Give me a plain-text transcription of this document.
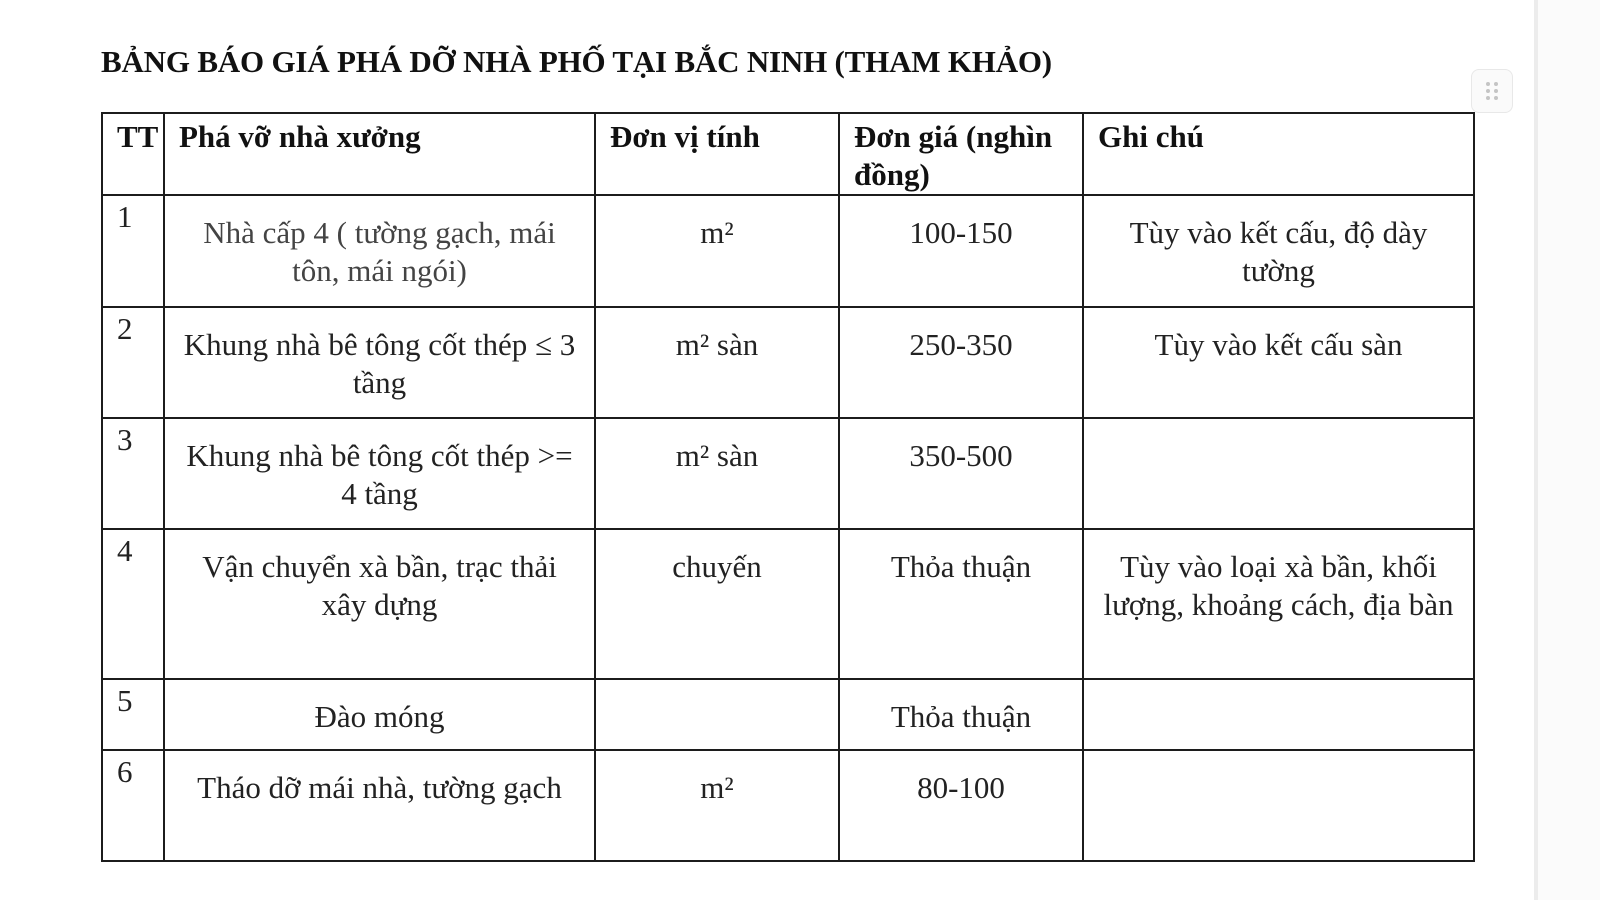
BẢNG BÁO GIÁ PHÁ DỠ NHÀ PHỐ TẠI BẮC NINH (THAM KHẢO)
TT	Phá vỡ nhà xưởng	Đơn vị tính	Đơn giá (nghìn đồng)	Ghi chú
1	Nhà cấp 4 ( tường gạch, mái tôn, mái ngói)	m²	100-150	Tùy vào kết cấu, độ dày tường
2	Khung nhà bê tông cốt thép ≤ 3 tầng	m² sàn	250-350	Tùy vào kết cấu sàn
3	Khung nhà bê tông cốt thép >= 4 tầng	m² sàn	350-500	
4	Vận chuyển xà bần, trạc thải xây dựng	chuyến	Thỏa thuận	Tùy vào loại xà bần, khối lượng, khoảng cách, địa bàn
5	Đào móng		Thỏa thuận	
6	Tháo dỡ mái nhà, tường gạch	m²	80-100	
